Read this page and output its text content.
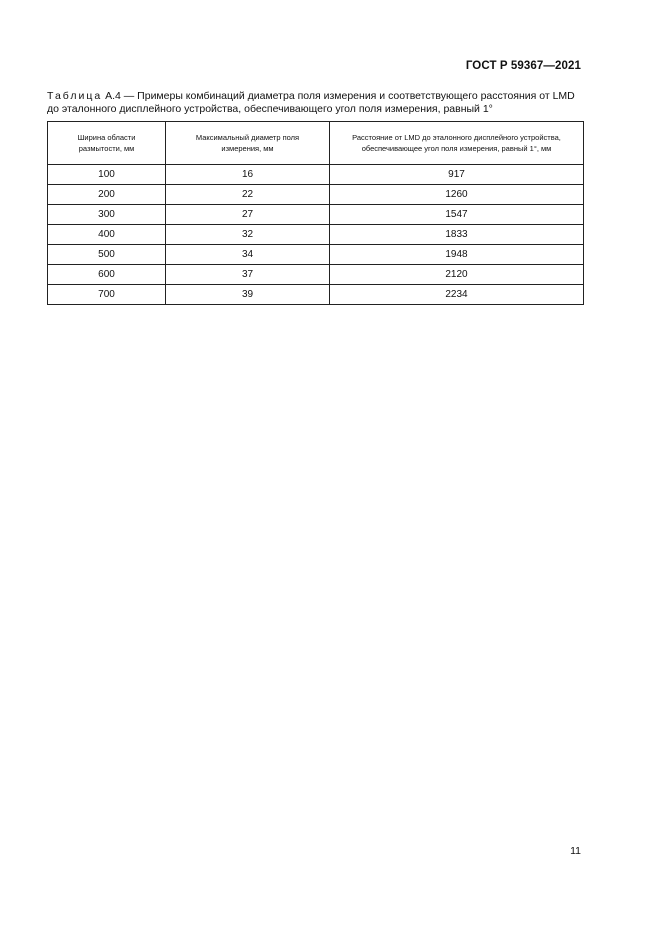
ГОСТ Р 59367—2021
Таблица А.4 — Примеры комбинаций диаметра поля измерения и соответствующего расстояния от LMD до эталонного дисплейного устройства, обеспечивающего угол поля измерения, равный 1°
Ширина области размытости, мм	Максимальный диаметр поля измерения, мм	Расстояние от LMD до эталонного дисплейного устройства, обеспечивающее угол поля измерения, равный 1°, мм
100	16	917
200	22	1260
300	27	1547
400	32	1833
500	34	1948
600	37	2120
700	39	2234
11
